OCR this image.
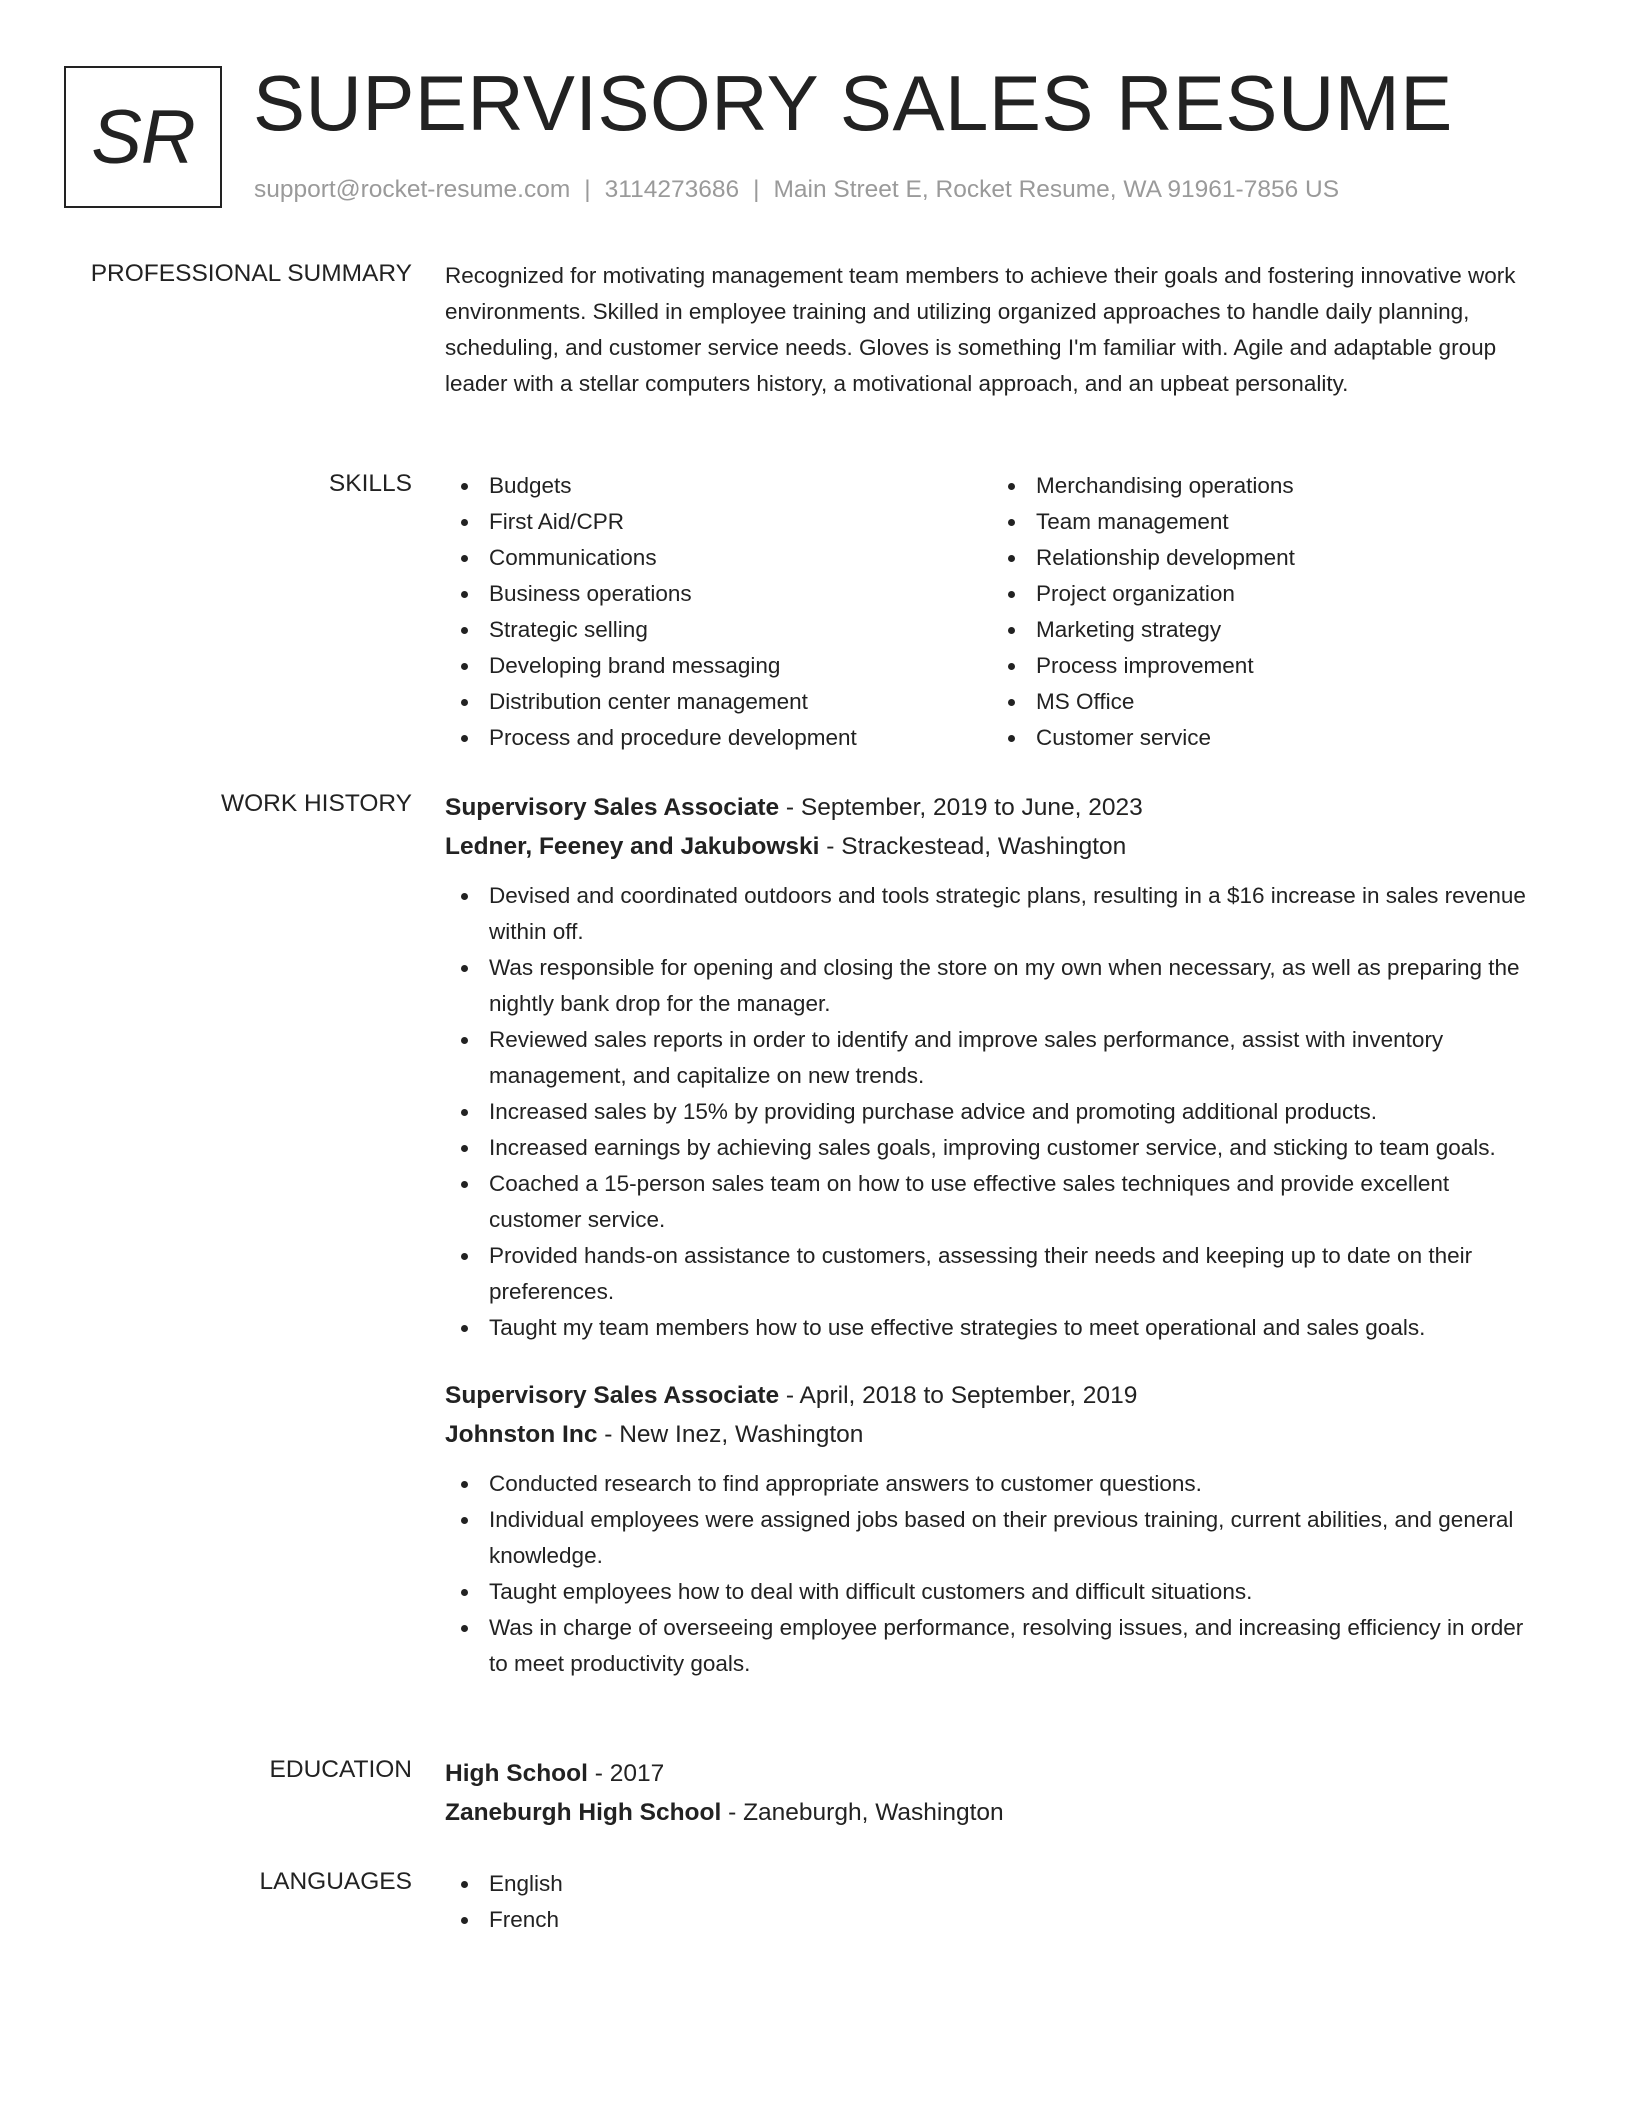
SR SUPERVISORY SALES RESUME
support@rocket-resume.com | 3114273686 | Main Street E, Rocket Resume, WA 91961-7856 US
PROFESSIONAL SUMMARY Recognized for motivating management team members to achieve their goals and fostering innovative work environments. Skilled in employee training and utilizing organized approaches to handle daily planning, scheduling, and customer service needs. Gloves is something I'm familiar with. Agile and adaptable group leader with a stellar computers history, a motivational approach, and an upbeat personality.
SKILLS	Budgets
First Aid/CPR
Communications
Business operations
Strategic selling
Developing brand messaging
Distribution center management
Process and procedure development
Merchandising operations
Team management
Relationship development
Project organization
Marketing strategy
Process improvement
MS Office
Customer service
WORK HISTORY Supervisory Sales Associate - September, 2019 to June, 2023
Ledner, Feeney and Jakubowski - Strackestead, Washington
Devised and coordinated outdoors and tools strategic plans, resulting in a $16 increase in sales revenue within off.
Was responsible for opening and closing the store on my own when necessary, as well as preparing the nightly bank drop for the manager.
Reviewed sales reports in order to identify and improve sales performance, assist with inventory management, and capitalize on new trends.
Increased sales by 15% by providing purchase advice and promoting additional products.
Increased earnings by achieving sales goals, improving customer service, and sticking to team goals.
Coached a 15-person sales team on how to use effective sales techniques and provide excellent customer service.
Provided hands-on assistance to customers, assessing their needs and keeping up to date on their preferences.
Taught my team members how to use effective strategies to meet operational and sales goals.
Supervisory Sales Associate - April, 2018 to September, 2019
Johnston Inc - New Inez, Washington
Conducted research to find appropriate answers to customer questions.
Individual employees were assigned jobs based on their previous training, current abilities, and general knowledge.
Taught employees how to deal with difficult customers and difficult situations.
Was in charge of overseeing employee performance, resolving issues, and increasing efficiency in order to meet productivity goals.
EDUCATION High School - 2017
Zaneburgh High School - Zaneburgh, Washington
LANGUAGES	English
French
